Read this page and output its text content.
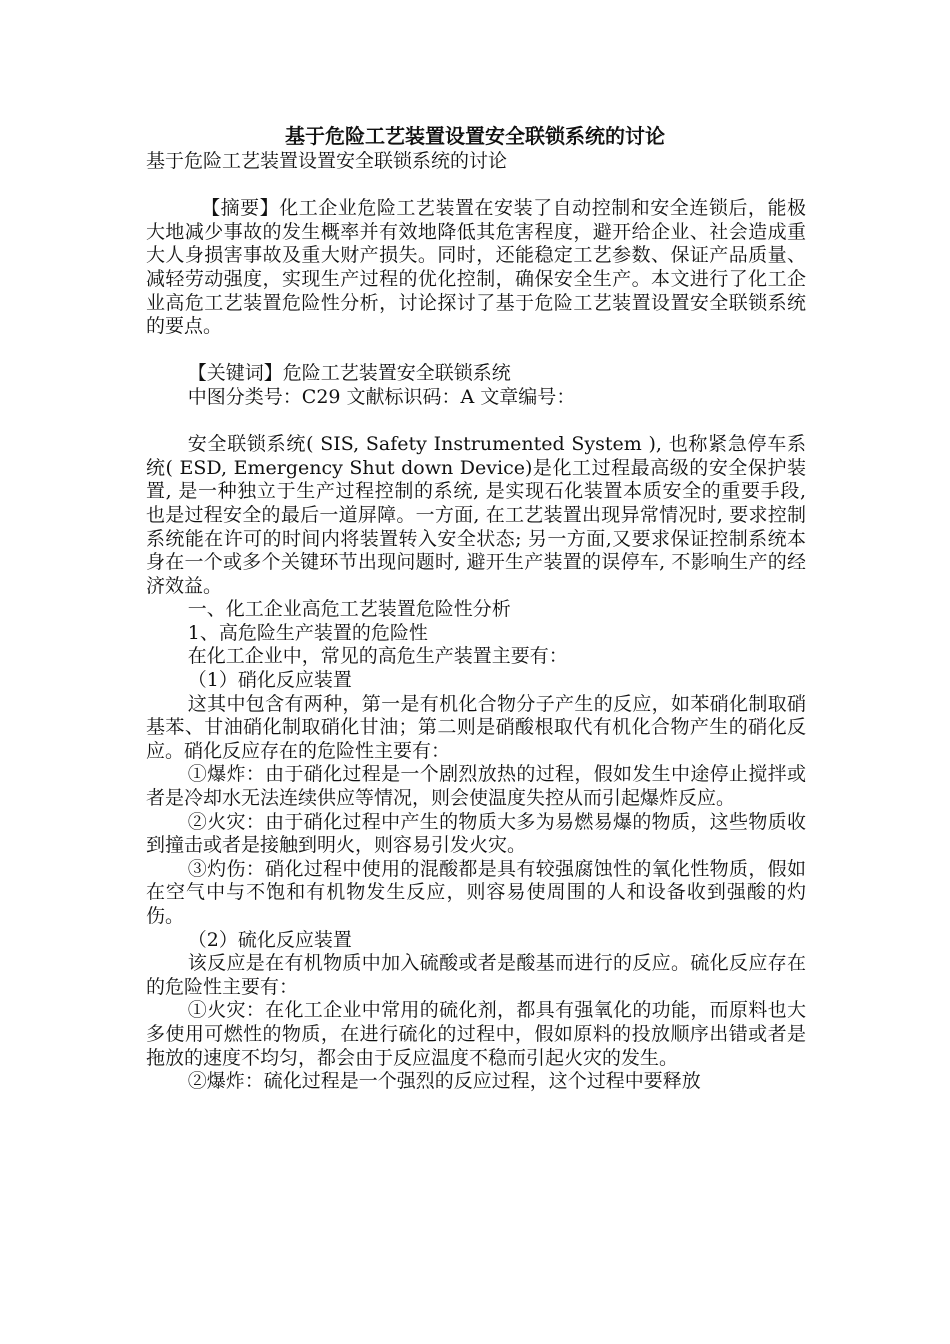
基于危险工艺装置设置安全联锁系统的讨论

基于危险工艺装置设置安全联锁系统的讨论

【摘要】化工企业危险工艺装置在安装了自动控制和安全连锁后，能极大地减少事故的发生概率并有效地降低其危害程度，避开给企业、社会造成重大人身损害事故及重大财产损失。同时，还能稳定工艺参数、保证产品质量、减轻劳动强度，实现生产过程的优化控制，确保安全生产。本文进行了化工企业高危工艺装置危险性分析，讨论探讨了基于危险工艺装置设置安全联锁系统的要点。

【关键词】危险工艺装置安全联锁系统

中图分类号：C29 文献标识码：A 文章编号：

安全联锁系统( SIS, Safety Instrumented System ), 也称紧急停车系统( ESD, Emergency Shut down Device)是化工过程最高级的安全保护装置, 是一种独立于生产过程控制的系统, 是实现石化装置本质安全的重要手段, 也是过程安全的最后一道屏障。一方面, 在工艺装置出现异常情况时, 要求控制系统能在许可的时间内将装置转入安全状态; 另一方面,又要求保证控制系统本身在一个或多个关键环节出现问题时, 避开生产装置的误停车, 不影响生产的经济效益。

一、化工企业高危工艺装置危险性分析

1、高危险生产装置的危险性

在化工企业中，常见的高危生产装置主要有：

（1）硝化反应装置

这其中包含有两种，第一是有机化合物分子产生的反应，如苯硝化制取硝基苯、甘油硝化制取硝化甘油；第二则是硝酸根取代有机化合物产生的硝化反应。硝化反应存在的危险性主要有：

①爆炸：由于硝化过程是一个剧烈放热的过程，假如发生中途停止搅拌或者是冷却水无法连续供应等情况，则会使温度失控从而引起爆炸反应。

②火灾：由于硝化过程中产生的物质大多为易燃易爆的物质，这些物质收到撞击或者是接触到明火，则容易引发火灾。

③灼伤：硝化过程中使用的混酸都是具有较强腐蚀性的氧化性物质，假如在空气中与不饱和有机物发生反应，则容易使周围的人和设备收到强酸的灼伤。

（2）硫化反应装置

该反应是在有机物质中加入硫酸或者是酸基而进行的反应。硫化反应存在的危险性主要有：

①火灾：在化工企业中常用的硫化剂，都具有强氧化的功能，而原料也大多使用可燃性的物质，在进行硫化的过程中，假如原料的投放顺序出错或者是拖放的速度不均匀，都会由于反应温度不稳而引起火灾的发生。

②爆炸：硫化过程是一个强烈的反应过程，这个过程中要释放
